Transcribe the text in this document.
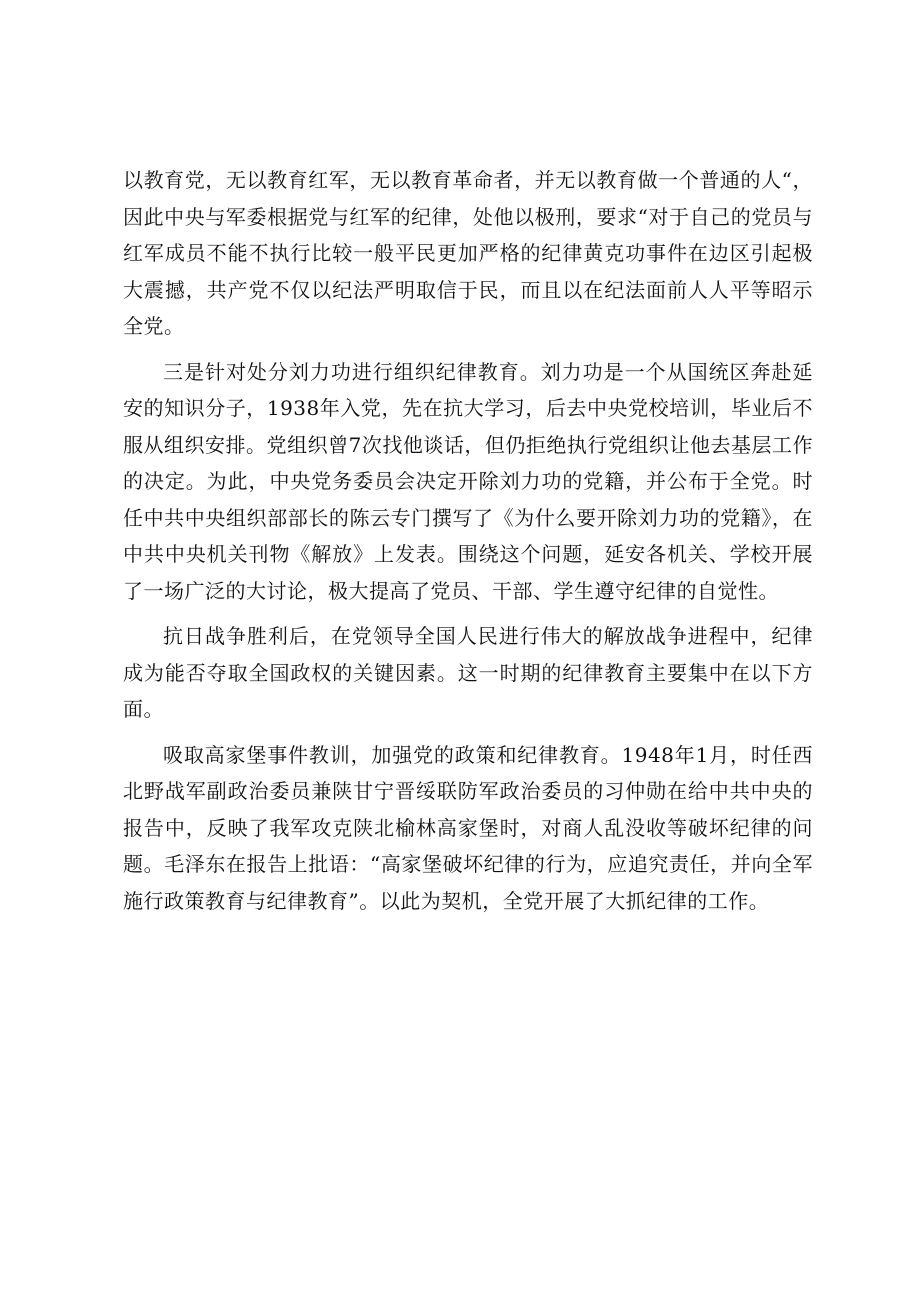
以教育党，无以教育红军，无以教育革命者，并无以教育做一个普通的人“，因此中央与军委根据党与红军的纪律，处他以极刑，要求“对于自己的党员与红军成员不能不执行比较一般平民更加严格的纪律黄克功事件在边区引起极大震撼，共产党不仅以纪法严明取信于民，而且以在纪法面前人人平等昭示全党。

三是针对处分刘力功进行组织纪律教育。刘力功是一个从国统区奔赴延安的知识分子，1938年入党，先在抗大学习，后去中央党校培训，毕业后不服从组织安排。党组织曾7次找他谈话，但仍拒绝执行党组织让他去基层工作的决定。为此，中央党务委员会决定开除刘力功的党籍，并公布于全党。时任中共中央组织部部长的陈云专门撰写了《为什么要开除刘力功的党籍》，在中共中央机关刊物《解放》上发表。围绕这个问题，延安各机关、学校开展了一场广泛的大讨论，极大提高了党员、干部、学生遵守纪律的自觉性。

抗日战争胜利后，在党领导全国人民进行伟大的解放战争进程中，纪律成为能否夺取全国政权的关键因素。这一时期的纪律教育主要集中在以下方面。

吸取高家堡事件教训，加强党的政策和纪律教育。1948年1月，时任西北野战军副政治委员兼陕甘宁晋绥联防军政治委员的习仲勋在给中共中央的报告中，反映了我军攻克陕北榆林高家堡时，对商人乱没收等破坏纪律的问题。毛泽东在报告上批语：“高家堡破坏纪律的行为，应追究责任，并向全军施行政策教育与纪律教育”。以此为契机，全党开展了大抓纪律的工作。
